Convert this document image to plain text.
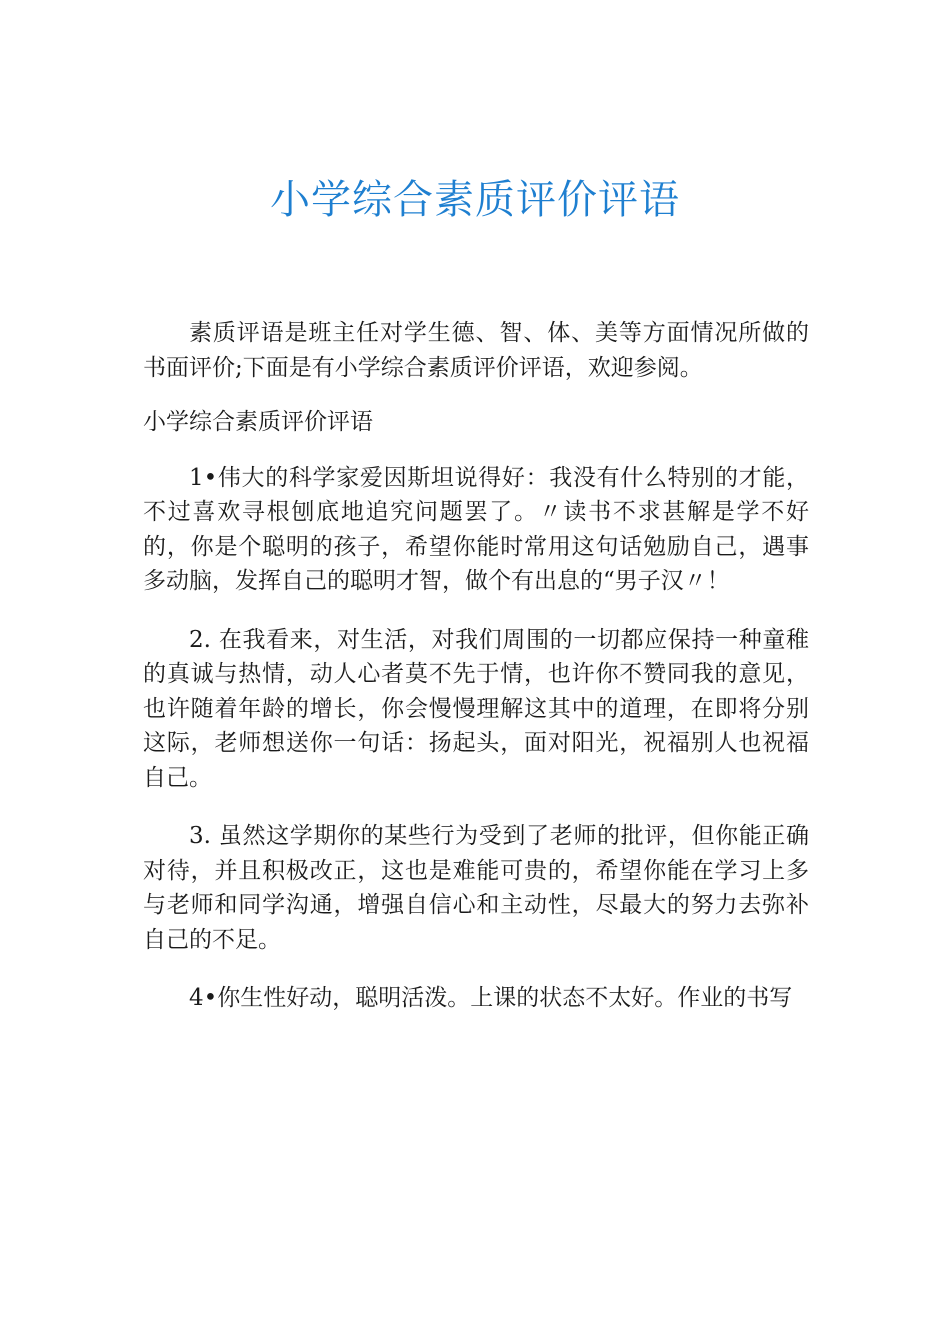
小学综合素质评价评语

素质评语是班主任对学生德、智、体、美等方面情况所做的书面评价;下面是有小学综合素质评价评语，欢迎参阅。

小学综合素质评价评语

1•伟大的科学家爱因斯坦说得好：我没有什么特别的才能，不过喜欢寻根刨底地追究问题罢了。〃读书不求甚解是学不好的，你是个聪明的孩子，希望你能时常用这句话勉励自己，遇事多动脑，发挥自己的聪明才智，做个有出息的“男子汉〃！

2. 在我看来，对生活，对我们周围的一切都应保持一种童稚的真诚与热情，动人心者莫不先于情，也许你不赞同我的意见，也许随着年龄的增长，你会慢慢理解这其中的道理，在即将分别这际，老师想送你一句话：扬起头，面对阳光，祝福别人也祝福自己。

3. 虽然这学期你的某些行为受到了老师的批评，但你能正确对待，并且积极改正，这也是难能可贵的，希望你能在学习上多与老师和同学沟通，增强自信心和主动性，尽最大的努力去弥补自己的不足。

4•你生性好动，聪明活泼。上课的状态不太好。作业的书写
